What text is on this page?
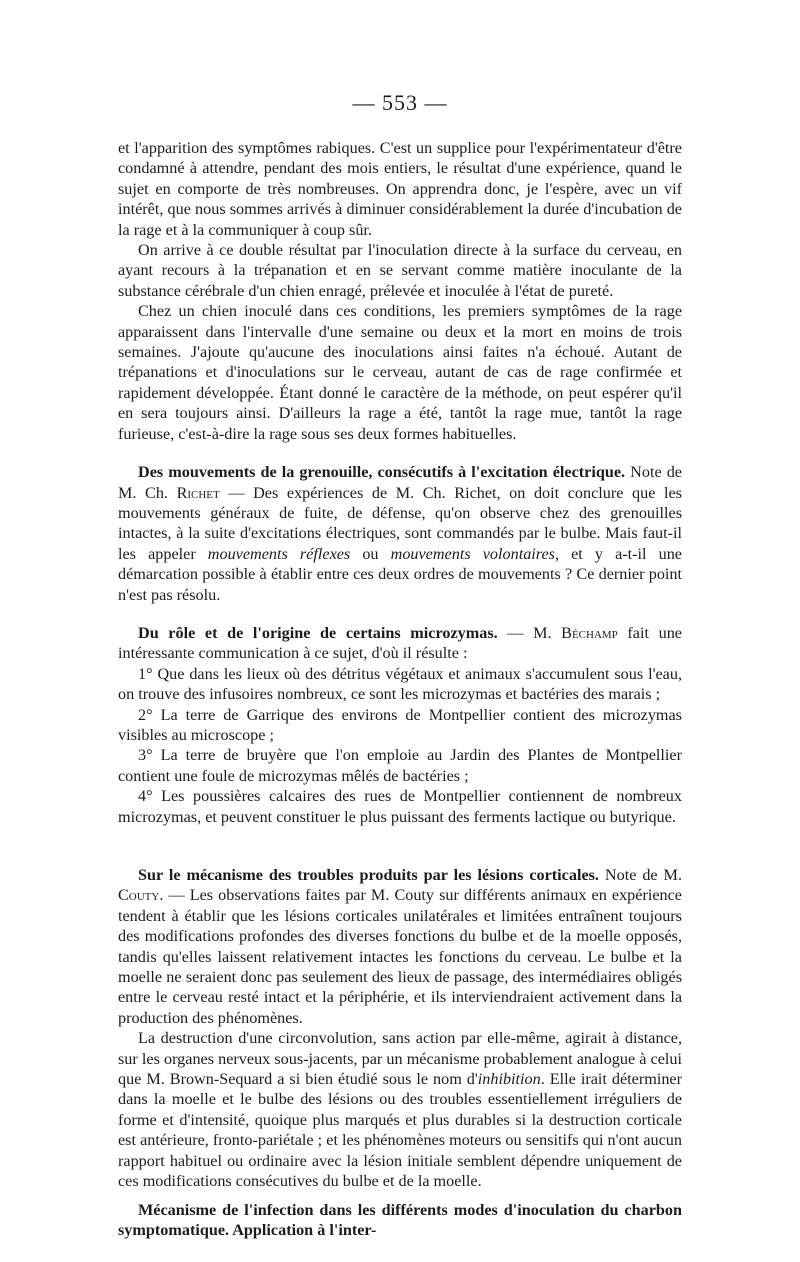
— 553 —

et l'apparition des symptômes rabiques. C'est un supplice pour l'expérimentateur d'être condamné à attendre, pendant des mois entiers, le résultat d'une expérience, quand le sujet en comporte de très nombreuses. On apprendra donc, je l'espère, avec un vif intérêt, que nous sommes arrivés à diminuer considérablement la durée d'incubation de la rage et à la communiquer à coup sûr.

On arrive à ce double résultat par l'inoculation directe à la surface du cerveau, en ayant recours à la trépanation et en se servant comme matière inoculante de la substance cérébrale d'un chien enragé, prélevée et inoculée à l'état de pureté.

Chez un chien inoculé dans ces conditions, les premiers symptômes de la rage apparaissent dans l'intervalle d'une semaine ou deux et la mort en moins de trois semaines. J'ajoute qu'aucune des inoculations ainsi faites n'a échoué. Autant de trépanations et d'inoculations sur le cerveau, autant de cas de rage confirmée et rapidement développée. Étant donné le caractère de la méthode, on peut espérer qu'il en sera toujours ainsi. D'ailleurs la rage a été, tantôt la rage mue, tantôt la rage furieuse, c'est-à-dire la rage sous ses deux formes habituelles.

Des mouvements de la grenouille, consécutifs à l'excitation électrique. Note de M. Ch. Richet — Des expériences de M. Ch. Richet, on doit conclure que les mouvements généraux de fuite, de défense, qu'on observe chez des grenouilles intactes, à la suite d'excitations électriques, sont commandés par le bulbe. Mais faut-il les appeler mouvements réflexes ou mouvements volontaires, et y a-t-il une démarcation possible à établir entre ces deux ordres de mouvements ? Ce dernier point n'est pas résolu.

Du rôle et de l'origine de certains microzymas. — M. Béchamp fait une intéressante communication à ce sujet, d'où il résulte :

1° Que dans les lieux où des détritus végétaux et animaux s'accumulent sous l'eau, on trouve des infusoires nombreux, ce sont les microzymas et bactéries des marais ;

2° La terre de Garrique des environs de Montpellier contient des microzymas visibles au microscope ;

3° La terre de bruyère que l'on emploie au Jardin des Plantes de Montpellier contient une foule de microzymas mêlés de bactéries ;

4° Les poussières calcaires des rues de Montpellier contiennent de nombreux microzymas, et peuvent constituer le plus puissant des ferments lactique ou butyrique.

Sur le mécanisme des troubles produits par les lésions corticales. Note de M. Couty. — Les observations faites par M. Couty sur différents animaux en expérience tendent à établir que les lésions corticales unilatérales et limitées entraînent toujours des modifications profondes des diverses fonctions du bulbe et de la moelle opposés, tandis qu'elles laissent relativement intactes les fonctions du cerveau. Le bulbe et la moelle ne seraient donc pas seulement des lieux de passage, des intermédiaires obligés entre le cerveau resté intact et la périphérie, et ils interviendraient activement dans la production des phénomènes.

La destruction d'une circonvolution, sans action par elle-même, agirait à distance, sur les organes nerveux sous-jacents, par un mécanisme probablement analogue à celui que M. Brown-Sequard a si bien étudié sous le nom d'inhibition. Elle irait déterminer dans la moelle et le bulbe des lésions ou des troubles essentiellement irréguliers de forme et d'intensité, quoique plus marqués et plus durables si la destruction corticale est antérieure, fronto-pariétale ; et les phénomènes moteurs ou sensitifs qui n'ont aucun rapport habituel ou ordinaire avec la lésion initiale semblent dépendre uniquement de ces modifications consécutives du bulbe et de la moelle.

Mécanisme de l'infection dans les différents modes d'inoculation du charbon symptomatique. Application à l'inter-
